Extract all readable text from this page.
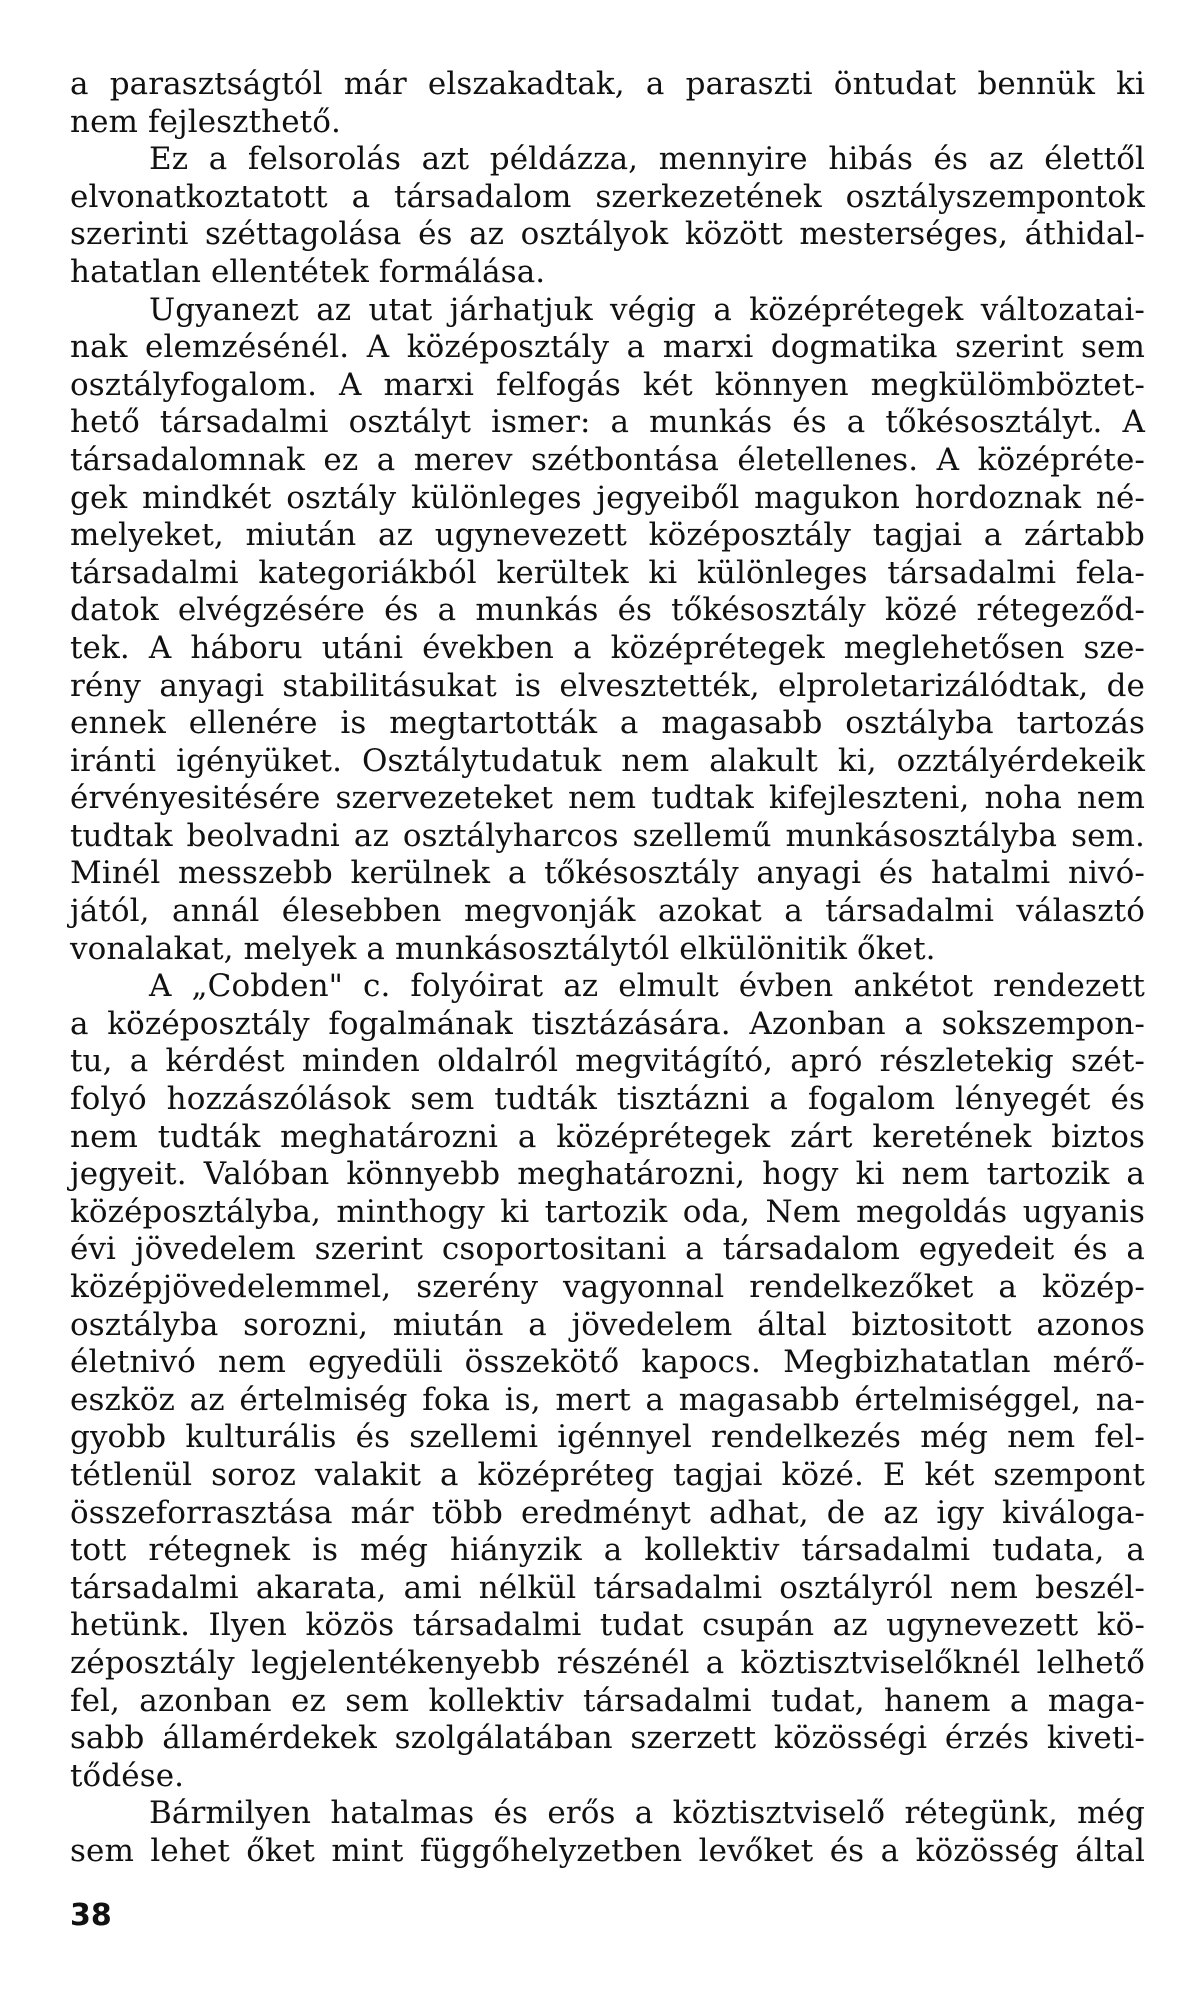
a parasztságtól már elszakadtak, a paraszti öntudat bennük ki
nem fejleszthető.
Ez a felsorolás azt példázza, mennyire hibás és az élettől
elvonatkoztatott a társadalom szerkezetének osztályszempontok
szerinti széttagolása és az osztályok között mesterséges, áthidal-
hatatlan ellentétek formálása.
Ugyanezt az utat járhatjuk végig a középrétegek változatai-
nak elemzésénél. A középosztály a marxi dogmatika szerint sem
osztályfogalom. A marxi felfogás két könnyen megkülömböztet-
hető társadalmi osztályt ismer: a munkás és a tőkésosztályt. A
társadalomnak ez a merev szétbontása életellenes. A középréte-
gek mindkét osztály különleges jegyeiből magukon hordoznak né-
melyeket, miután az ugynevezett középosztály tagjai a zártabb
társadalmi kategoriákból kerültek ki különleges társadalmi fela-
datok elvégzésére és a munkás és tőkésosztály közé rétegeződ-
tek. A háboru utáni években a középrétegek meglehetősen sze-
rény anyagi stabilitásukat is elvesztették, elproletarizálódtak, de
ennek ellenére is megtartották a magasabb osztályba tartozás
iránti igényüket. Osztálytudatuk nem alakult ki, ozztályérdekeik
érvényesitésére szervezeteket nem tudtak kifejleszteni, noha nem
tudtak beolvadni az osztályharcos szellemű munkásosztályba sem.
Minél messzebb kerülnek a tőkésosztály anyagi és hatalmi nivó-
jától, annál élesebben megvonják azokat a társadalmi választó
vonalakat, melyek a munkásosztálytól elkülönitik őket.
A „Cobden" c. folyóirat az elmult évben ankétot rendezett
a középosztály fogalmának tisztázására. Azonban a sokszempon-
tu, a kérdést minden oldalról megvitágító, apró részletekig szét-
folyó hozzászólások sem tudták tisztázni a fogalom lényegét és
nem tudták meghatározni a középrétegek zárt keretének biztos
jegyeit. Valóban könnyebb meghatározni, hogy ki nem tartozik a
középosztályba, minthogy ki tartozik oda, Nem megoldás ugyanis
évi jövedelem szerint csoportositani a társadalom egyedeit és a
középjövedelemmel, szerény vagyonnal rendelkezőket a közép-
osztályba sorozni, miután a jövedelem által biztositott azonos
életnivó nem egyedüli összekötő kapocs. Megbizhatatlan mérő-
eszköz az értelmiség foka is, mert a magasabb értelmiséggel, na-
gyobb kulturális és szellemi igénnyel rendelkezés még nem fel-
tétlenül soroz valakit a középréteg tagjai közé. E két szempont
összeforrasztása már több eredményt adhat, de az igy kiváloga-
tott rétegnek is még hiányzik a kollektiv társadalmi tudata, a
társadalmi akarata, ami nélkül társadalmi osztályról nem beszél-
hetünk. Ilyen közös társadalmi tudat csupán az ugynevezett kö-
zéposztály legjelentékenyebb részénél a köztisztviselőknél lelhető
fel, azonban ez sem kollektiv társadalmi tudat, hanem a maga-
sabb államérdekek szolgálatában szerzett közösségi érzés kiveti-
tődése.
Bármilyen hatalmas és erős a köztisztviselő rétegünk, még
sem lehet őket mint függőhelyzetben levőket és a közösség által
38
